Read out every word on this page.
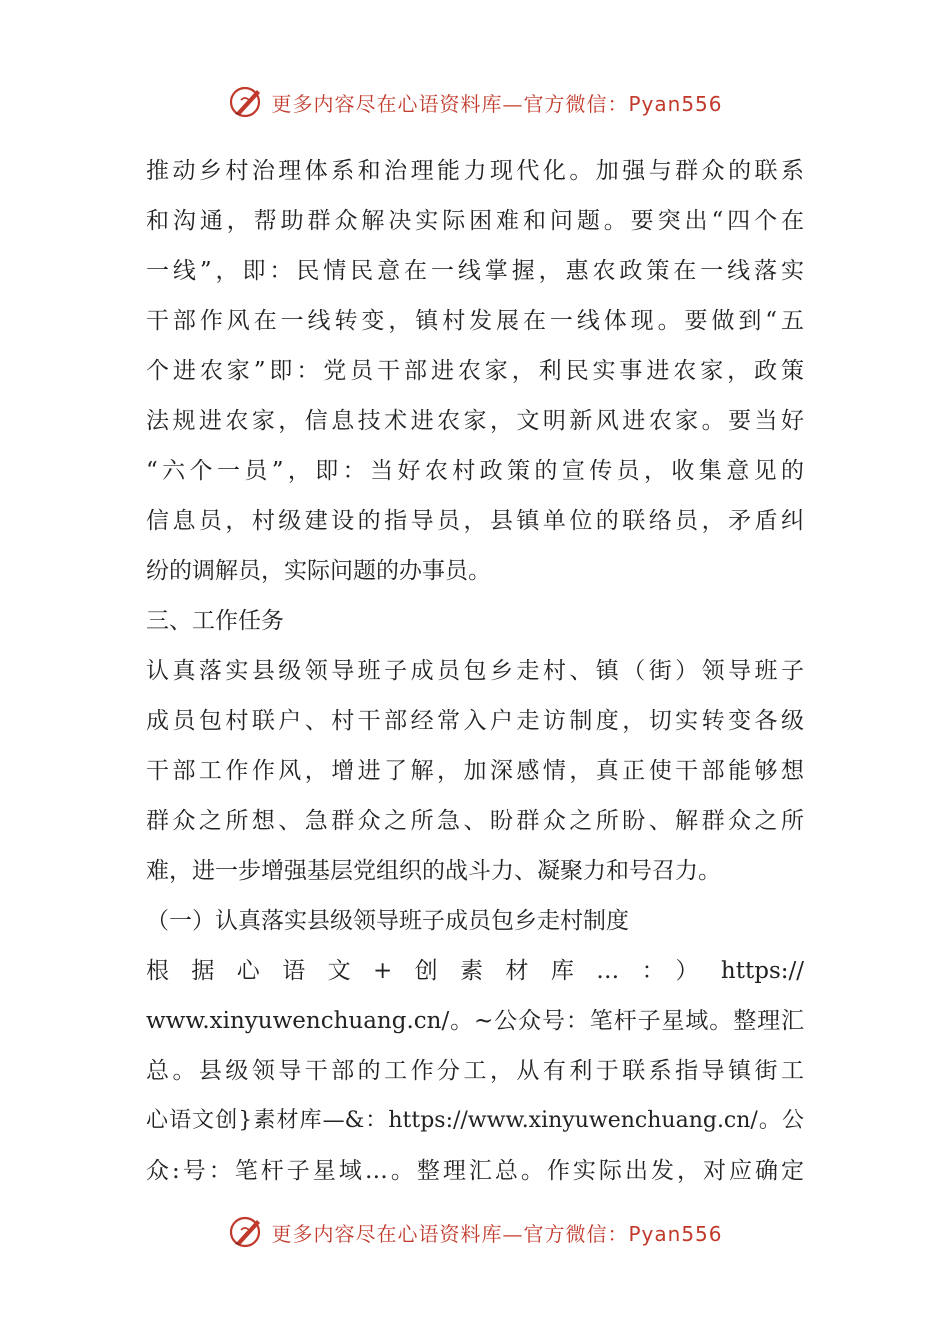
更多内容尽在心语资料库—官方微信：Pyan556
推动乡村治理体系和治理能力现代化。加强与群众的联系
和沟通，帮助群众解决实际困难和问题。要突出“四个在
一线”，即：民情民意在一线掌握，惠农政策在一线落实
干部作风在一线转变，镇村发展在一线体现。要做到“五
个进农家”即：党员干部进农家，利民实事进农家，政策
法规进农家，信息技术进农家，文明新风进农家。要当好
“六个一员”，即：当好农村政策的宣传员，收集意见的
信息员，村级建设的指导员，县镇单位的联络员，矛盾纠
纷的调解员，实际问题的办事员。
三、工作任务
认真落实县级领导班子成员包乡走村、镇（街）领导班子
成员包村联户、村干部经常入户走访制度，切实转变各级
干部工作作风，增进了解，加深感情，真正使干部能够想
群众之所想、急群众之所急、盼群众之所盼、解群众之所
难，进一步增强基层党组织的战斗力、凝聚力和号召力。
（一）认真落实县级领导班子成员包乡走村制度
根据心语文+创素材库…：）https://
www.xinyuwenchuang.cn/。~公众号：笔杆子星域。整理汇
总。县级领导干部的工作分工，从有利于联系指导镇街工
心语文创}素材库—&：https://www.xinyuwenchuang.cn/。公
众:号：笔杆子星域…。整理汇总。作实际出发，对应确定
更多内容尽在心语资料库—官方微信：Pyan556
